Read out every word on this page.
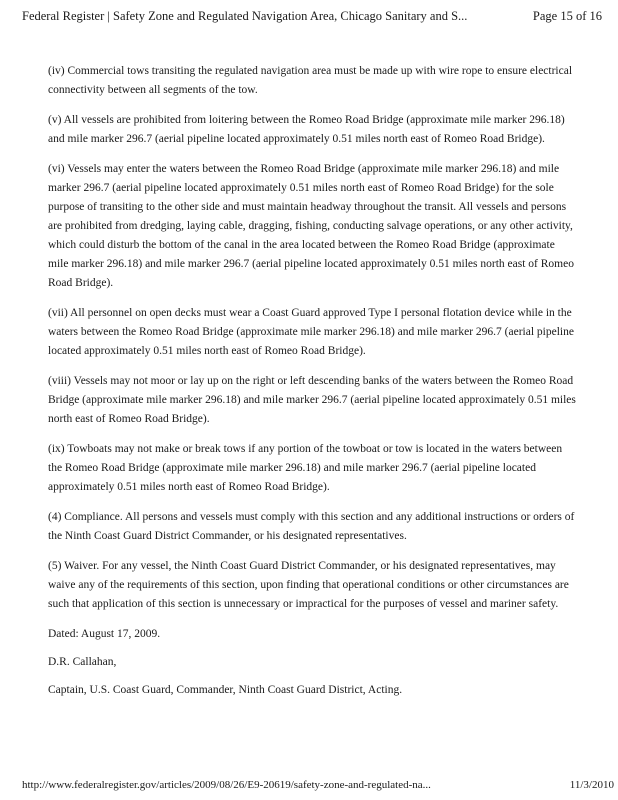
Federal Register | Safety Zone and Regulated Navigation Area, Chicago Sanitary and S...	Page 15 of 16

(iv) Commercial tows transiting the regulated navigation area must be made up with wire rope to ensure electrical connectivity between all segments of the tow.

(v) All vessels are prohibited from loitering between the Romeo Road Bridge (approximate mile marker 296.18) and mile marker 296.7 (aerial pipeline located approximately 0.51 miles north east of Romeo Road Bridge).

(vi) Vessels may enter the waters between the Romeo Road Bridge (approximate mile marker 296.18) and mile marker 296.7 (aerial pipeline located approximately 0.51 miles north east of Romeo Road Bridge) for the sole purpose of transiting to the other side and must maintain headway throughout the transit. All vessels and persons are prohibited from dredging, laying cable, dragging, fishing, conducting salvage operations, or any other activity, which could disturb the bottom of the canal in the area located between the Romeo Road Bridge (approximate mile marker 296.18) and mile marker 296.7 (aerial pipeline located approximately 0.51 miles north east of Romeo Road Bridge).

(vii) All personnel on open decks must wear a Coast Guard approved Type I personal flotation device while in the waters between the Romeo Road Bridge (approximate mile marker 296.18) and mile marker 296.7 (aerial pipeline located approximately 0.51 miles north east of Romeo Road Bridge).

(viii) Vessels may not moor or lay up on the right or left descending banks of the waters between the Romeo Road Bridge (approximate mile marker 296.18) and mile marker 296.7 (aerial pipeline located approximately 0.51 miles north east of Romeo Road Bridge).

(ix) Towboats may not make or break tows if any portion of the towboat or tow is located in the waters between the Romeo Road Bridge (approximate mile marker 296.18) and mile marker 296.7 (aerial pipeline located approximately 0.51 miles north east of Romeo Road Bridge).

(4) Compliance. All persons and vessels must comply with this section and any additional instructions or orders of the Ninth Coast Guard District Commander, or his designated representatives.

(5) Waiver. For any vessel, the Ninth Coast Guard District Commander, or his designated representatives, may waive any of the requirements of this section, upon finding that operational conditions or other circumstances are such that application of this section is unnecessary or impractical for the purposes of vessel and mariner safety.

Dated: August 17, 2009.

D.R. Callahan,

Captain, U.S. Coast Guard, Commander, Ninth Coast Guard District, Acting.

http://www.federalregister.gov/articles/2009/08/26/E9-20619/safety-zone-and-regulated-na...	11/3/2010
